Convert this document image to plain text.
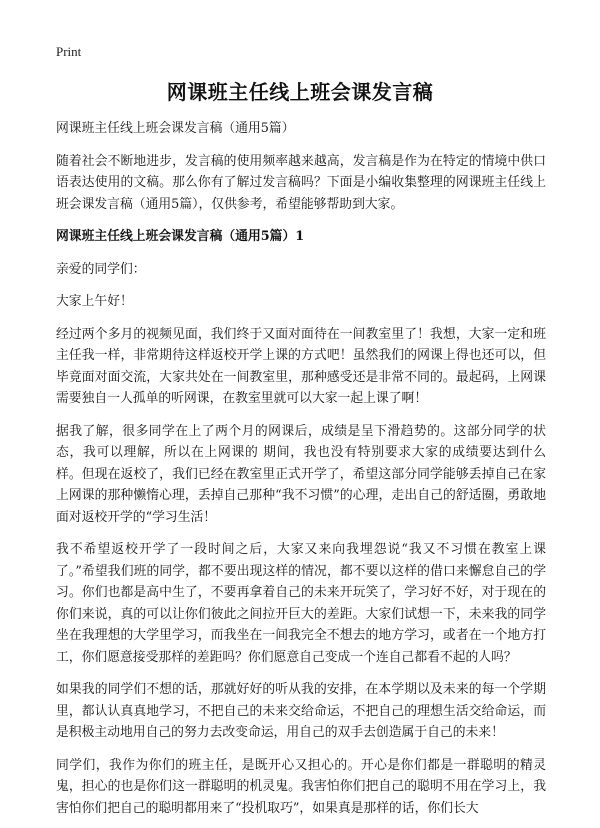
Print
网课班主任线上班会课发言稿

网课班主任线上班会课发言稿（通用5篇）

随着社会不断地进步，发言稿的使用频率越来越高，发言稿是作为在特定的情境中供口语表达使用的文稿。那么你有了解过发言稿吗？下面是小编收集整理的网课班主任线上班会课发言稿（通用5篇），仅供参考，希望能够帮助到大家。

网课班主任线上班会课发言稿（通用5篇）1

亲爱的同学们：

大家上午好！

经过两个多月的视频见面，我们终于又面对面待在一间教室里了！我想，大家一定和班主任我一样，非常期待这样返校开学上课的方式吧！虽然我们的网课上得也还可以，但毕竟面对面交流，大家共处在一间教室里，那种感受还是非常不同的。最起码，上网课需要独自一人孤单的听网课，在教室里就可以大家一起上课了啊！

据我了解，很多同学在上了两个月的网课后，成绩是呈下滑趋势的。这部分同学的状态，我可以理解，所以在上网课的 期间，我也没有特别要求大家的成绩要达到什么样。但现在返校了，我们已经在教室里正式开学了，希望这部分同学能够丢掉自己在家上网课的那种懒惰心理，丢掉自己那种“我不习惯”的心理，走出自己的舒适圈，勇敢地面对返校开学的“学习生活！

我不希望返校开学了一段时间之后，大家又来向我埋怨说“我又不习惯在教室上课了。”希望我们班的同学，都不要出现这样的情况，都不要以这样的借口来懈怠自己的学习。你们也都是高中生了，不要再拿着自己的未来开玩笑了，学习好不好，对于现在的你们来说，真的可以让你们彼此之间拉开巨大的差距。大家们试想一下，未来我的同学坐在我理想的大学里学习，而我坐在一间我完全不想去的地方学习，或者在一个地方打工，你们愿意接受那样的差距吗？你们愿意自己变成一个连自己都看不起的人吗？

如果我的同学们不想的话，那就好好的听从我的安排，在本学期以及未来的每一个学期里，都认认真真地学习，不把自己的未来交给命运，不把自己的理想生活交给命运，而是积极主动地用自己的努力去改变命运，用自己的双手去创造属于自己的未来！

同学们，我作为你们的班主任，是既开心又担心的。开心是你们都是一群聪明的精灵鬼，担心的也是你们这一群聪明的机灵鬼。我害怕你们把自己的聪明不用在学习上，我害怕你们把自己的聪明都用来了“投机取巧”，如果真是那样的话，你们长大
